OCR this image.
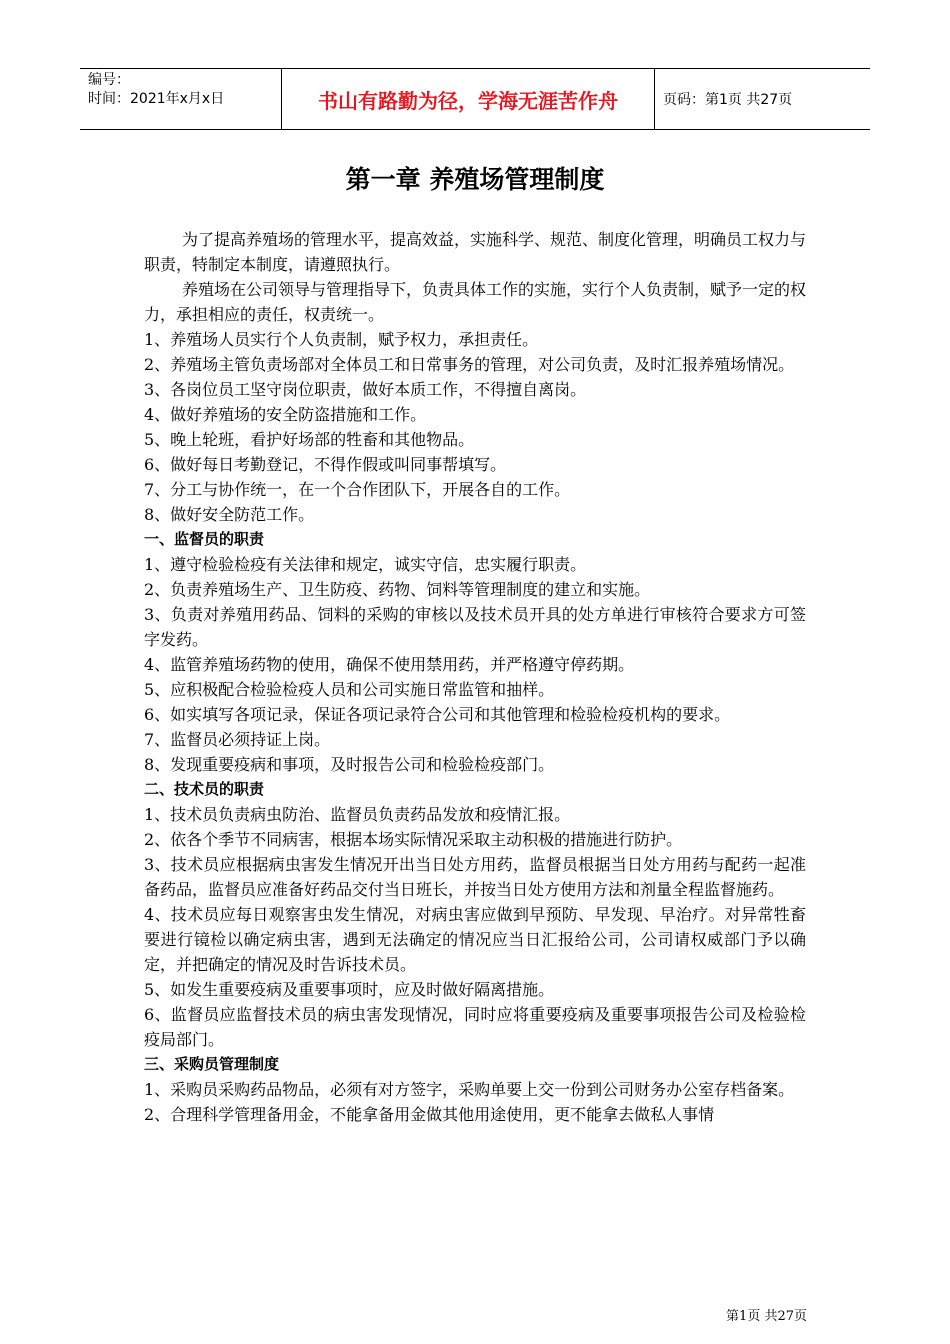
编号：
时间：2021年x月x日	书山有路勤为径，学海无涯苦作舟	页码：第1页 共27页
第一章 养殖场管理制度

为了提高养殖场的管理水平，提高效益，实施科学、规范、制度化管理，明确员工权力与职责，特制定本制度，请遵照执行。

养殖场在公司领导与管理指导下，负责具体工作的实施，实行个人负责制，赋予一定的权力，承担相应的责任，权责统一。

1、养殖场人员实行个人负责制，赋予权力，承担责任。

2、养殖场主管负责场部对全体员工和日常事务的管理，对公司负责，及时汇报养殖场情况。

3、各岗位员工坚守岗位职责，做好本质工作，不得擅自离岗。

4、做好养殖场的安全防盗措施和工作。

5、晚上轮班，看护好场部的牲畜和其他物品。

6、做好每日考勤登记，不得作假或叫同事帮填写。

7、分工与协作统一，在一个合作团队下，开展各自的工作。

8、做好安全防范工作。

一、监督员的职责

1、遵守检验检疫有关法律和规定，诚实守信，忠实履行职责。

2、负责养殖场生产、卫生防疫、药物、饲料等管理制度的建立和实施。

3、负责对养殖用药品、饲料的采购的审核以及技术员开具的处方单进行审核符合要求方可签字发药。

4、监管养殖场药物的使用，确保不使用禁用药，并严格遵守停药期。

5、应积极配合检验检疫人员和公司实施日常监管和抽样。

6、如实填写各项记录，保证各项记录符合公司和其他管理和检验检疫机构的要求。

7、监督员必须持证上岗。

8、发现重要疫病和事项，及时报告公司和检验检疫部门。

二、技术员的职责

1、技术员负责病虫防治、监督员负责药品发放和疫情汇报。

2、依各个季节不同病害，根据本场实际情况采取主动积极的措施进行防护。

3、技术员应根据病虫害发生情况开出当日处方用药，监督员根据当日处方用药与配药一起准备药品，监督员应准备好药品交付当日班长，并按当日处方使用方法和剂量全程监督施药。

4、技术员应每日观察害虫发生情况，对病虫害应做到早预防、早发现、早治疗。对异常牲畜要进行镜检以确定病虫害，遇到无法确定的情况应当日汇报给公司，公司请权威部门予以确定，并把确定的情况及时告诉技术员。

5、如发生重要疫病及重要事项时，应及时做好隔离措施。

6、监督员应监督技术员的病虫害发现情况，同时应将重要疫病及重要事项报告公司及检验检疫局部门。

三、采购员管理制度

1、采购员采购药品物品，必须有对方签字，采购单要上交一份到公司财务办公室存档备案。

2、合理科学管理备用金，不能拿备用金做其他用途使用，更不能拿去做私人事情

第1页 共27页
